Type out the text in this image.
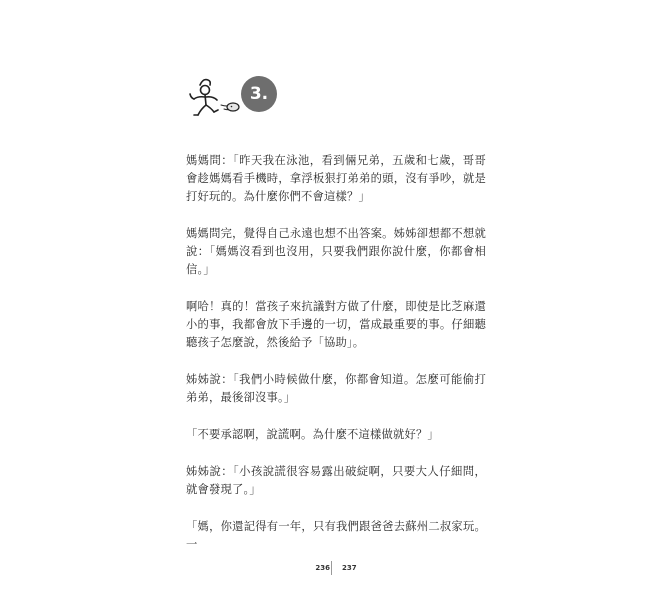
3.

媽媽問：「昨天我在泳池，看到倆兄弟，五歲和七歲，哥哥會趁媽媽看手機時，拿浮板狠打弟弟的頭，沒有爭吵，就是打好玩的。為什麼你們不會這樣？」

媽媽問完，覺得自己永遠也想不出答案。姊姊卻想都不想就說：「媽媽沒看到也沒用，只要我們跟你說什麼，你都會相信。」

啊哈！真的！當孩子來抗議對方做了什麼，即使是比芝麻還小的事，我都會放下手邊的一切，當成最重要的事。仔細聽聽孩子怎麼說，然後給予「協助」。

姊姊說：「我們小時候做什麼，你都會知道。怎麼可能偷打弟弟，最後卻沒事。」

「不要承認啊，說謊啊。為什麼不這樣做就好？」

姊姊說：「小孩說謊很容易露出破綻啊，只要大人仔細問，就會發現了。」

「媽，你還記得有一年，只有我們跟爸爸去蘇州二叔家玩。一

236 237
